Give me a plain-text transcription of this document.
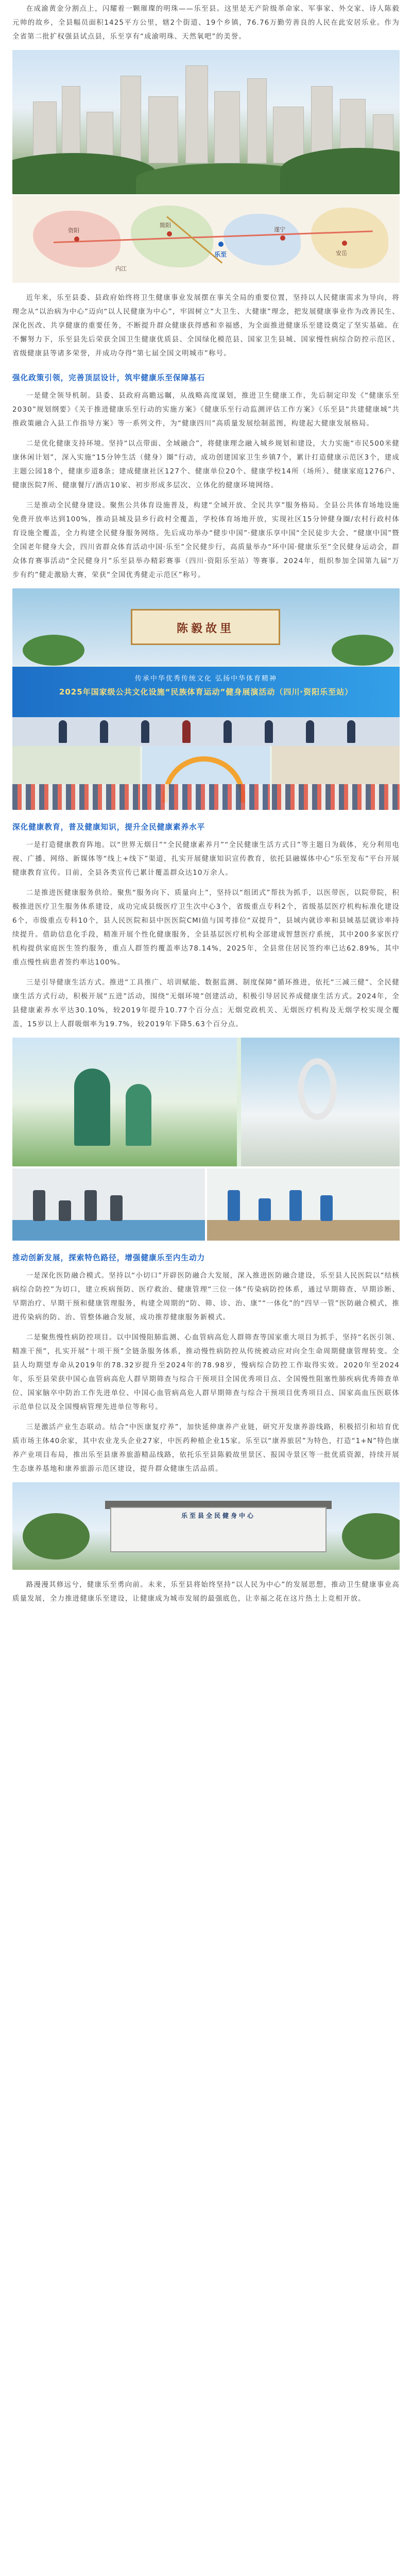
在成渝黄金分割点上，闪耀着一颗璀璨的明珠——乐至县。这里是无产阶级革命家、军事家、外交家、诗人陈毅元帅的故乡，全县幅员面积1425平方公里，辖2个街道、19个乡镇，76.76万勤劳善良的人民在此安居乐业。作为全省第二批扩权强县试点县，乐至享有“成渝明珠、天然氧吧”的美誉。

资阳
简阳
乐至
遂宁
安岳
内江

近年来，乐至县委、县政府始终将卫生健康事业发展摆在事关全局的重要位置，坚持以人民健康需求为导向，将理念从“以治病为中心”迈向“以人民健康为中心”，牢固树立“大卫生、大健康”理念，把发展健康事业作为改善民生、深化医改、共享健康的重要任务，不断提升群众健康获得感和幸福感，为全面推进健康乐至建设奠定了坚实基础。在不懈努力下，乐至县先后荣获全国卫生健康优质县、全国绿化模范县、国家卫生县城、国家慢性病综合防控示范区、省级健康县等诸多荣誉，并成功夺得“第七届全国文明城市”称号。

强化政策引领，完善顶层设计，筑牢健康乐至保障基石

一是健全领导机制。县委、县政府高瞻远瞩，从战略高度谋划，推进卫生健康工作，先后制定印发《“健康乐至2030”规划纲要》《关于推进健康乐至行动的实施方案》《健康乐至行动监测评估工作方案》《乐至县“共建健康城”共推政策融合入县工作指导方案》等一系列文件，为“健康四川”高质量发展绘制蓝图，构建起大健康发展格局。

二是优化健康支持环境。坚持“以点带面、全域融合”，将健康理念融入城乡规划和建设，大力实施“市民500米健康休闲计划”，深入实施“15分钟生活（健身）圈”行动，成功创建国家卫生乡镇7个，累计打造健康示范区3个，建成主题公园18个，健康步道8条；建成健康社区127个、健康单位20个、健康学校14所（场所）、健康家庭1276户、健康医院7所、健康餐厅/酒店10家、初步形成多层次、立体化的健康环境网络。

三是推动全民健身建设。聚焦公共体育设施普及，构建“全域开放、全民共享”服务格局。全县公共体育场地设施免费开放率达到100%，推动县城及县乡行政村全覆盖，学校体育场地开放，实现社区15分钟健身圈/农村行政村体育设施全覆盖，全力构建全民健身服务网络。先后成功举办“健步中国”·健康乐享中国“全民徒步大会、“健康中国”暨全国老年健身大会，四川省群众体育活动中国·乐至”全民健步行，高质量举办“环中国·健康乐至”全民健身运动会，群众体育赛事活动“全民健身月”乐至县举办精彩赛事（四川·资阳乐至站）等赛事。2024年，组织参加全国第九届“万步有约”健走激励大赛，荣获“全国优秀健走示范区”称号。

陈毅故里
传承中华优秀传统文化 弘扬中华体育精神
2025年国家级公共文化设施“民族体育运动”健身展演活动（四川·资阳乐至站）
深化健康教育，普及健康知识，提升全民健康素养水平

一是打造健康教育阵地。以“世界无烟日”“全民健康素养月”“全民健康生活方式日”等主题日为载体，充分利用电视、广播、网络、新媒体等“线上+线下”渠道，扎实开展健康知识宣传教育，依托县融媒体中心“乐至发布”平台开展健康教育宣传。目前，全县各类宣传已累计覆盖群众达10万余人。

二是推进医健康服务供给。聚焦“服务向下、质量向上”，坚持以“组团式”帮扶为抓手，以医带医，以院带院，积极推进医疗卫生服务体系建设，成功完成县级医疗卫生次中心3个，省级重点专科2个，省级基层医疗机构标准化建设6个，市级重点专科10个，县人民医院和县中医医院CMI值与国考排位“双提升”，县域内就诊率和县域基层就诊率持续提升。借助信息化手段，精准开展个性化健康服务，全县基层医疗机构全部建成智慧医疗系统，其中200多家医疗机构提供家庭医生签约服务，重点人群签约覆盖率达78.14%，2025年，全县常住居民签约率已达62.89%，其中重点慢性病患者签约率达100%。

三是引导健康生活方式。推进“工具推广、培训赋能、数据监测、制度保障”循环推进，依托“三减三健”、全民健康生活方式行动，积极开展“五进”活动，围绕“无烟环境”创建活动，积极引导居民养成健康生活方式。2024年，全县健康素养水平达30.10%，较2019年提升10.77个百分点；无烟党政机关、无烟医疗机构及无烟学校实现全覆盖，15岁以上人群吸烟率为19.7%，较2019年下降5.63个百分点。

推动创新发展，探索特色路径，增强健康乐至内生动力

一是深化医防融合模式。坚持以“小切口”开辟医防融合大发展，深入推进医防融合建设，乐至县人民医院以“结核病综合防控”为切口，建立疾病预防、医疗救治、健康管理“三位一体”传染病防控体系，通过早期筛查、早期诊断、早期治疗、早期干预和健康管理服务，构建全周期的“防、筛、诊、治、康”“一体化”的“四早一管”医防融合模式，推进传染病的防、治、管整体融合发展，成功推荐健康服务新模式。

二是聚焦慢性病防控项目。以中国慢阻肺监测、心血管病高危人群筛查等国家重大项目为抓手，坚持“名医引领、精准干预”，扎实开展“十项干预”全链条服务体系，推动慢性病防控从传统被动应对向全生命周期健康管理转变。全县人均期望寿命从2019年的78.32岁提升至2024年的78.98岁，慢病综合防控工作取得实效。2020年至2024年，乐至县荣获中国心血管病高危人群早期筛查与综合干预项目全国优秀项目点、全国慢性阻塞性肺疾病优秀筛查单位、国家脑卒中防治工作先进单位、中国心血管病高危人群早期筛查与综合干预项目优秀项目点、国家高血压医联体示范单位以及全国慢病管理先进单位等称号。

三是激活产业生态联动。结合“中医康复疗养”，加快延伸康养产业链，研究开发康养游线路，积极招引和培育优质市场主体40余家，其中农业龙头企业27家，中医药种植企业15家。乐至以“康养旅居”为特色，打造“1+N”特色康养产业项目布局，推出乐至县康养旅游精品线路，依托乐至县陈毅故里景区、报国寺景区等一批优质资源，持续开展生态康养基地和康养旅游示范区建设，提升群众健康生活品质。

乐至县全民健身中心

路漫漫其修远兮，健康乐至勇向前。未来，乐至县将始终坚持“以人民为中心”的发展思想，推动卫生健康事业高质量发展，全力推进健康乐至建设，让健康成为城市发展的最强底色，让幸福之花在这片热土上竞相开放。
